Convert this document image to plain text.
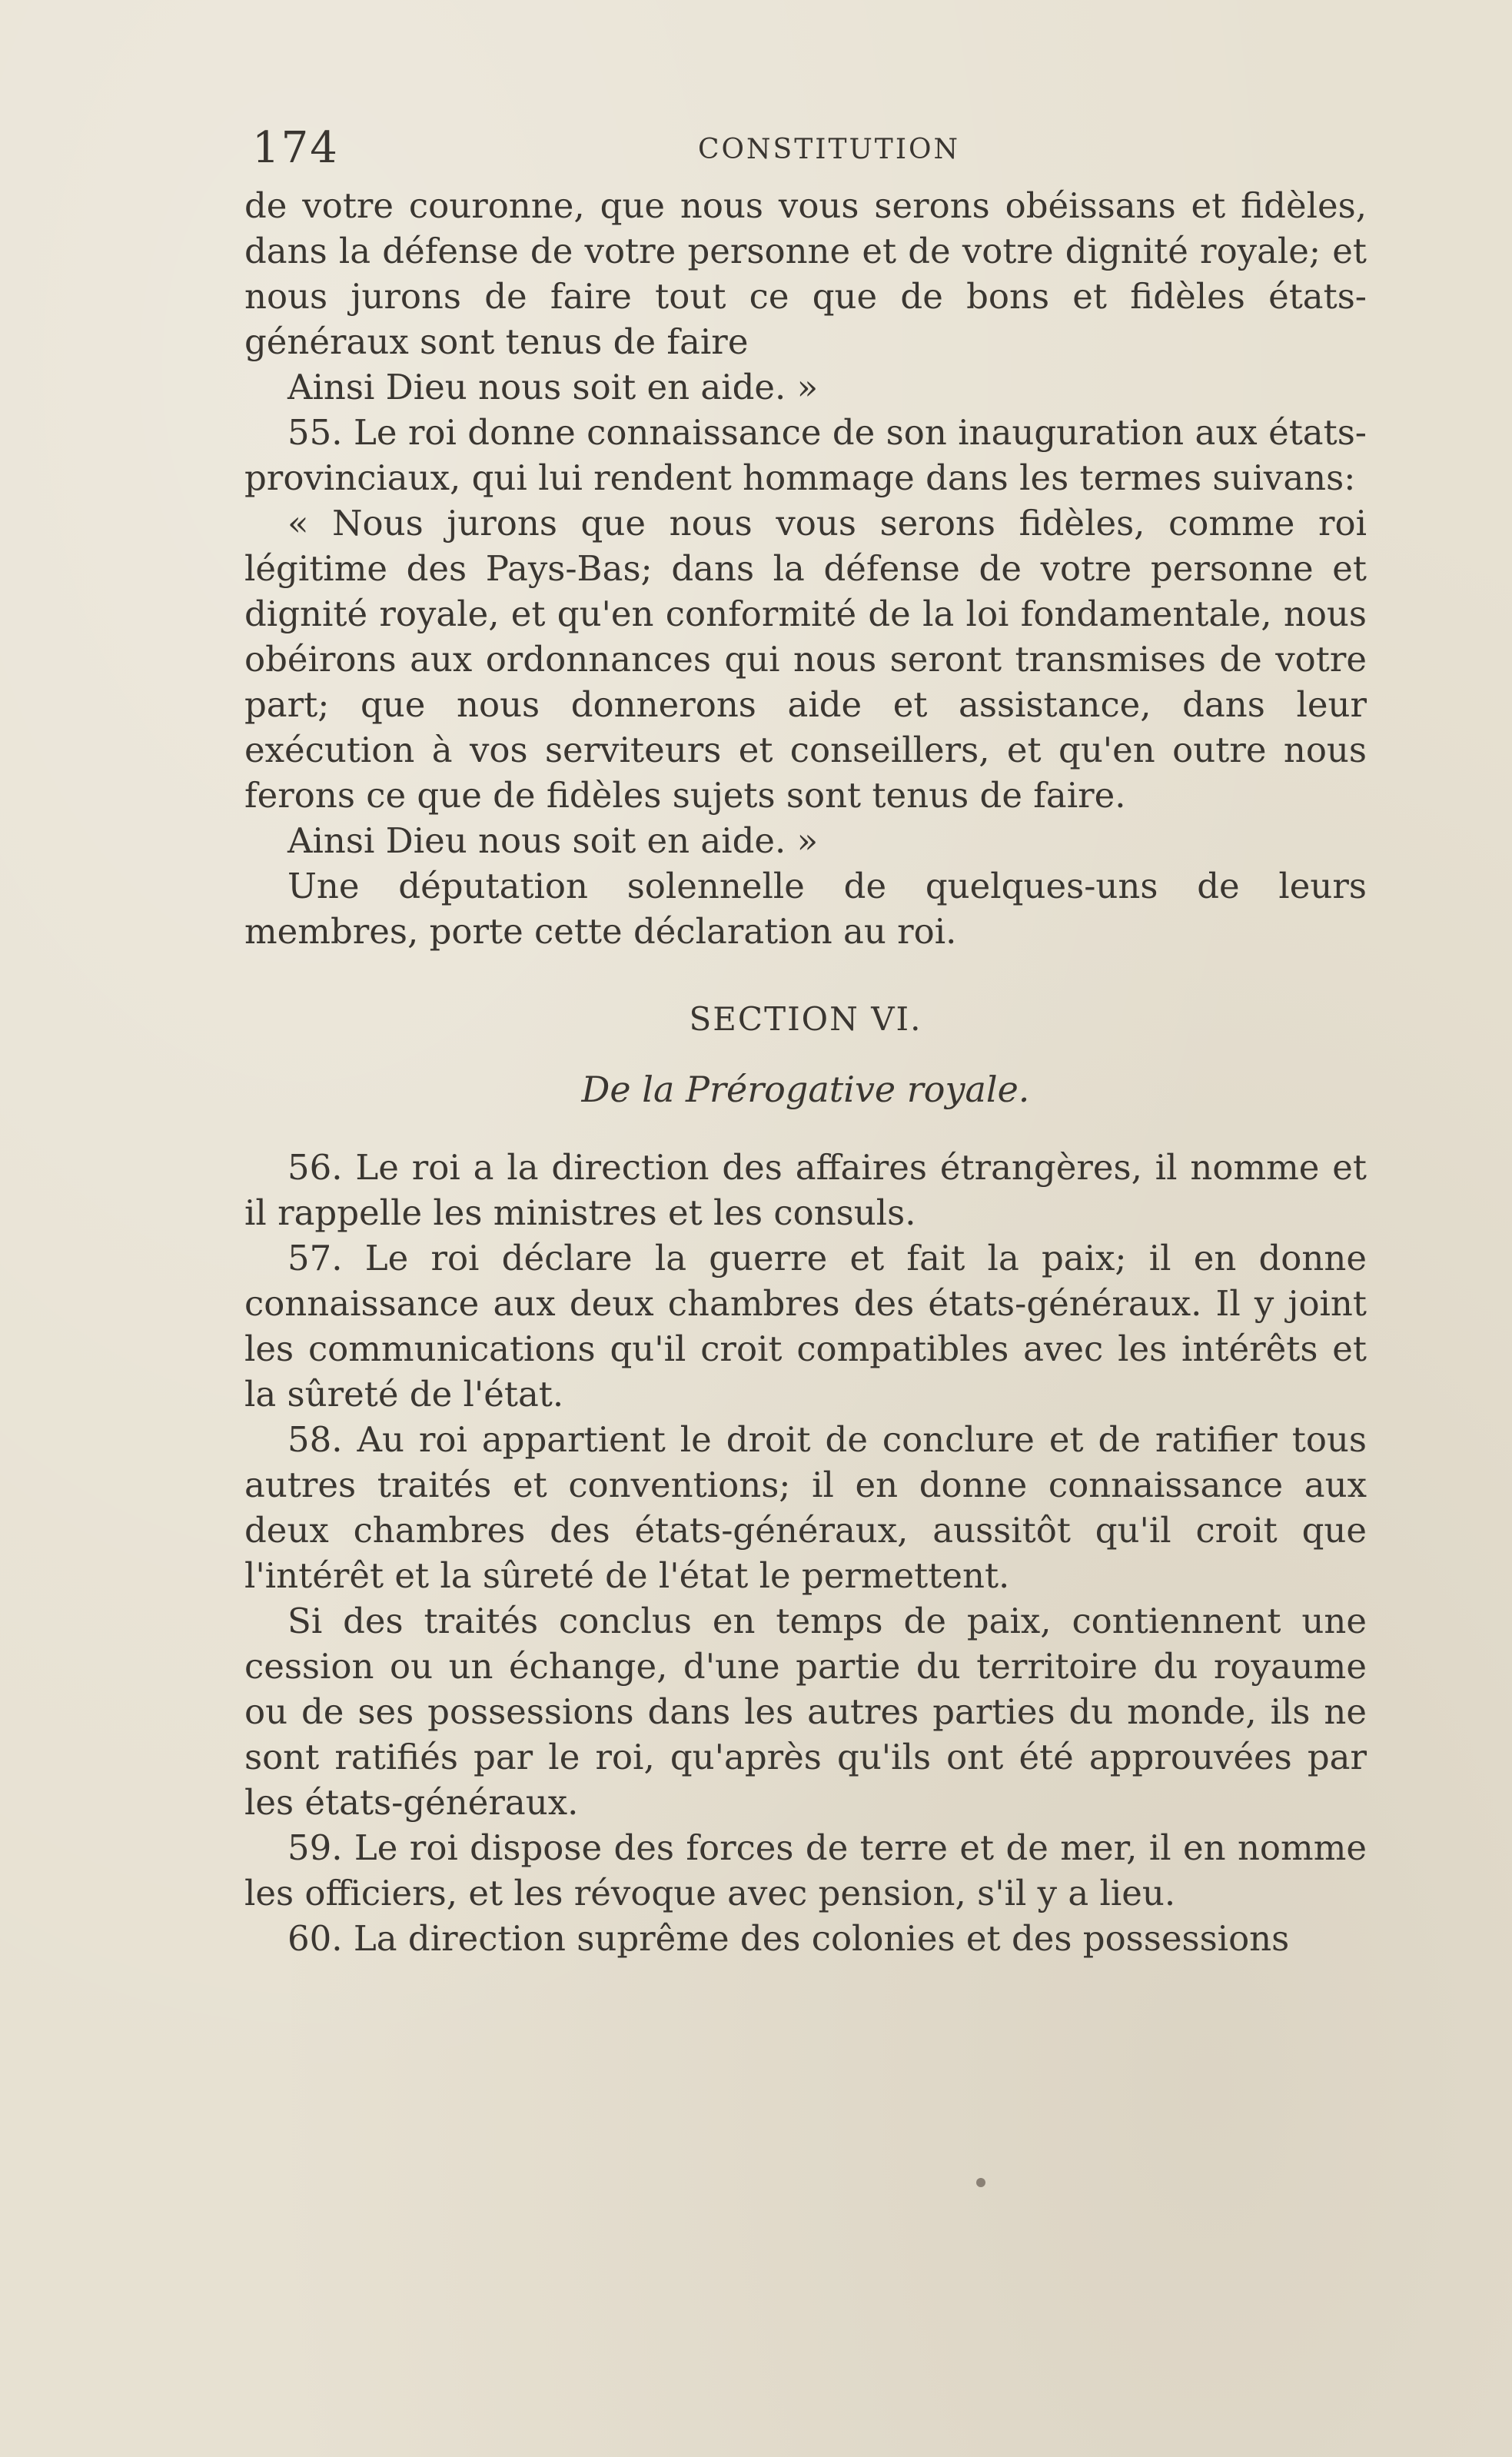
174	CONSTITUTION

de votre couronne, que nous vous serons obéissans et fidèles, dans la défense de votre personne et de votre dignité royale; et nous jurons de faire tout ce que de bons et fidèles états-généraux sont tenus de faire

Ainsi Dieu nous soit en aide. »

55. Le roi donne connaissance de son inauguration aux états-provinciaux, qui lui rendent hommage dans les termes suivans:

« Nous jurons que nous vous serons fidèles, comme roi légitime des Pays-Bas; dans la défense de votre personne et dignité royale, et qu'en conformité de la loi fondamentale, nous obéirons aux ordonnances qui nous seront transmises de votre part; que nous donnerons aide et assistance, dans leur exécution à vos serviteurs et conseillers, et qu'en outre nous ferons ce que de fidèles sujets sont tenus de faire.

Ainsi Dieu nous soit en aide. »

Une députation solennelle de quelques-uns de leurs membres, porte cette déclaration au roi.

SECTION VI.
De la Prérogative royale.

56. Le roi a la direction des affaires étrangères, il nomme et il rappelle les ministres et les consuls.

57. Le roi déclare la guerre et fait la paix; il en donne connaissance aux deux chambres des états-généraux. Il y joint les communications qu'il croit compatibles avec les intérêts et la sûreté de l'état.

58. Au roi appartient le droit de conclure et de ratifier tous autres traités et conventions; il en donne connaissance aux deux chambres des états-généraux, aussitôt qu'il croit que l'intérêt et la sûreté de l'état le permettent.

Si des traités conclus en temps de paix, contiennent une cession ou un échange, d'une partie du territoire du royaume ou de ses possessions dans les autres parties du monde, ils ne sont ratifiés par le roi, qu'après qu'ils ont été approuvées par les états-généraux.

59. Le roi dispose des forces de terre et de mer, il en nomme les officiers, et les révoque avec pension, s'il y a lieu.

60. La direction suprême des colonies et des possessions
